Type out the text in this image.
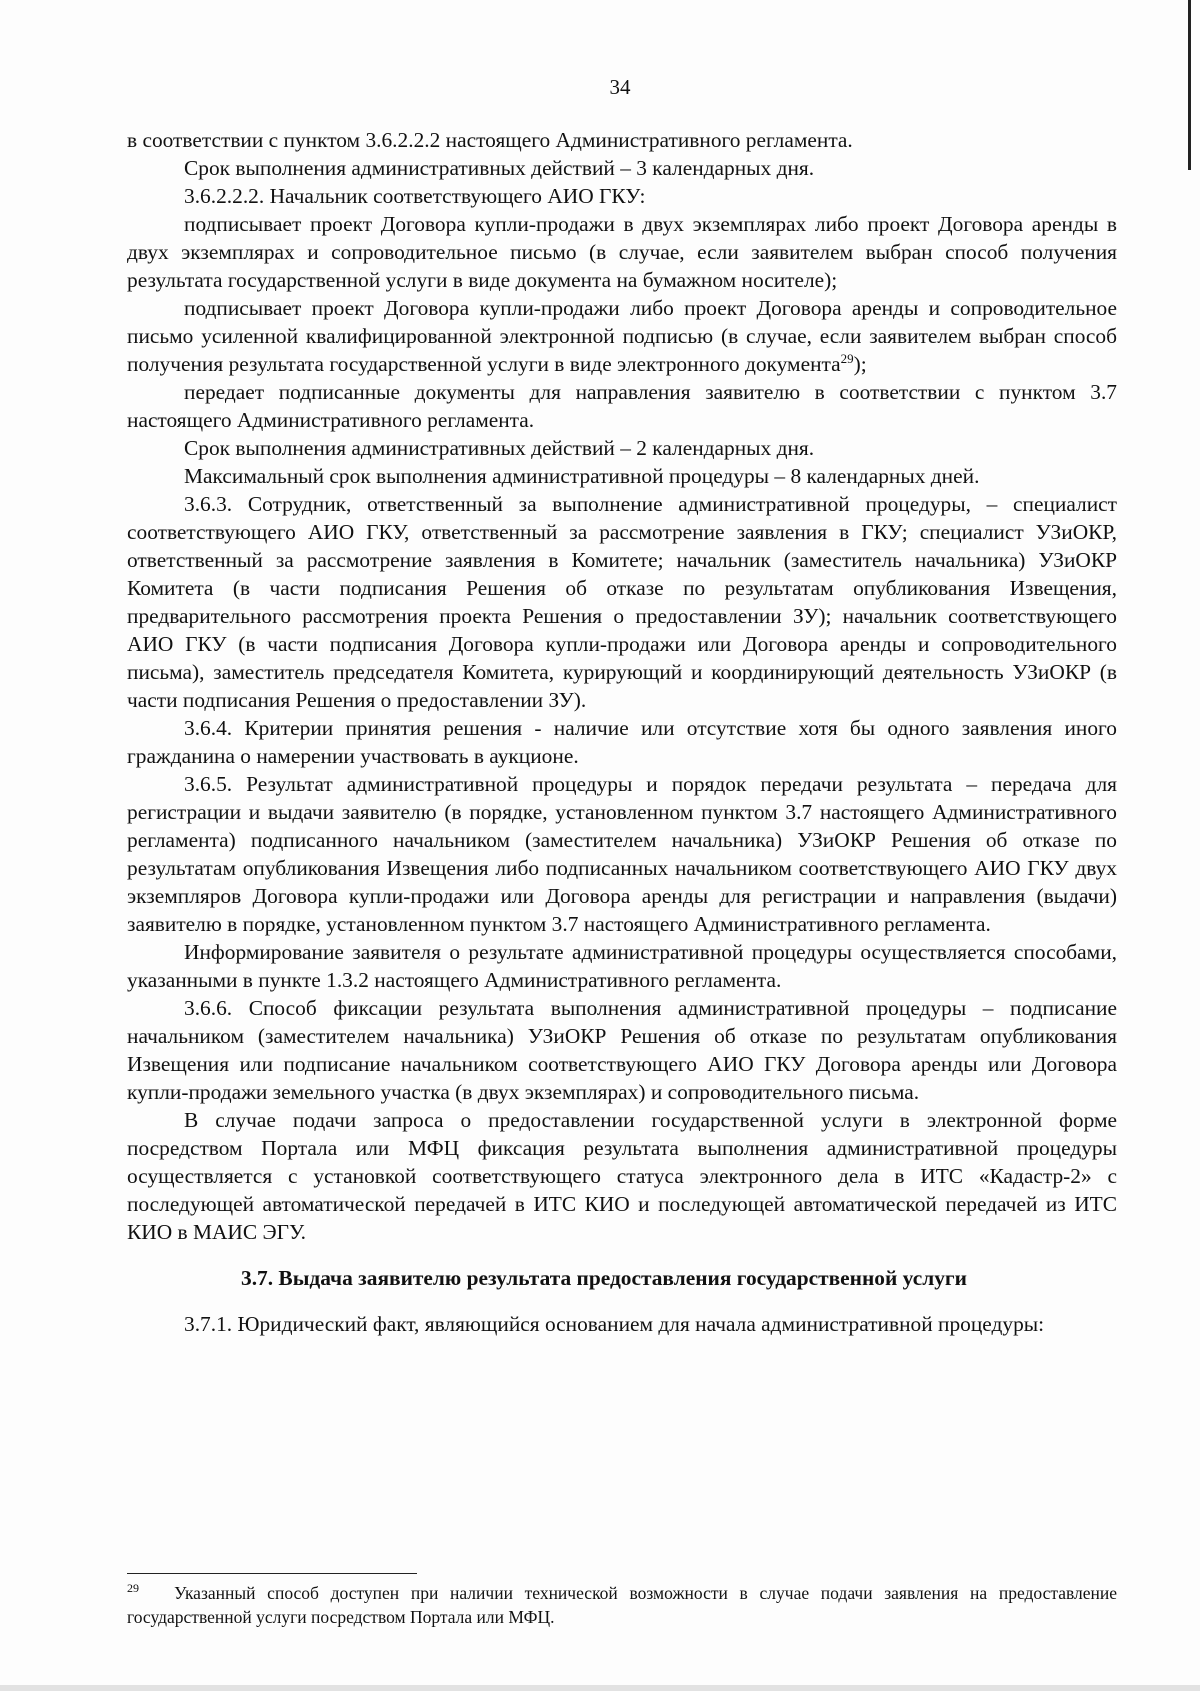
34

в соответствии с пунктом 3.6.2.2.2 настоящего Административного регламента.

Срок выполнения административных действий – 3 календарных дня.

3.6.2.2.2. Начальник соответствующего АИО ГКУ:

подписывает проект Договора купли-продажи в двух экземплярах либо проект Договора аренды в двух экземплярах и сопроводительное письмо (в случае, если заявителем выбран способ получения результата государственной услуги в виде документа на бумажном носителе);

подписывает проект Договора купли-продажи либо проект Договора аренды и сопроводительное письмо усиленной квалифицированной электронной подписью (в случае, если заявителем выбран способ получения результата государственной услуги в виде электронного документа$^{29}$);

передает подписанные документы для направления заявителю в соответствии с пунктом 3.7 настоящего Административного регламента.

Срок выполнения административных действий – 2 календарных дня.

Максимальный срок выполнения административной процедуры – 8 календарных дней.

3.6.3. Сотрудник, ответственный за выполнение административной процедуры, – специалист соответствующего АИО ГКУ, ответственный за рассмотрение заявления в ГКУ; специалист УЗиОКР, ответственный за рассмотрение заявления в Комитете; начальник (заместитель начальника) УЗиОКР Комитета (в части подписания Решения об отказе по результатам опубликования Извещения, предварительного рассмотрения проекта Решения о предоставлении ЗУ); начальник соответствующего АИО ГКУ (в части подписания Договора купли-продажи или Договора аренды и сопроводительного письма), заместитель председателя Комитета, курирующий и координирующий деятельность УЗиОКР (в части подписания Решения о предоставлении ЗУ).

3.6.4. Критерии принятия решения - наличие или отсутствие хотя бы одного заявления иного гражданина о намерении участвовать в аукционе.

3.6.5. Результат административной процедуры и порядок передачи результата – передача для регистрации и выдачи заявителю (в порядке, установленном пунктом 3.7 настоящего Административного регламента) подписанного начальником (заместителем начальника) УЗиОКР Решения об отказе по результатам опубликования Извещения либо подписанных начальником соответствующего АИО ГКУ двух экземпляров Договора купли-продажи или Договора аренды для регистрации и направления (выдачи) заявителю в порядке, установленном пунктом 3.7 настоящего Административного регламента.

Информирование заявителя о результате административной процедуры осуществляется способами, указанными в пункте 1.3.2 настоящего Административного регламента.

3.6.6. Способ фиксации результата выполнения административной процедуры – подписание начальником (заместителем начальника) УЗиОКР Решения об отказе по результатам опубликования Извещения или подписание начальником соответствующего АИО ГКУ Договора аренды или Договора купли-продажи земельного участка (в двух экземплярах) и сопроводительного письма.

В случае подачи запроса о предоставлении государственной услуги в электронной форме посредством Портала или МФЦ фиксация результата выполнения административной процедуры осуществляется с установкой соответствующего статуса электронного дела в ИТС «Кадастр-2» с последующей автоматической передачей в ИТС КИО и последующей автоматической передачей из ИТС КИО в МАИС ЭГУ.

3.7. Выдача заявителю результата предоставления государственной услуги

3.7.1. Юридический факт, являющийся основанием для начала административной процедуры:

$^{29}$ Указанный способ доступен при наличии технической возможности в случае подачи заявления на предоставление государственной услуги посредством Портала или МФЦ.
